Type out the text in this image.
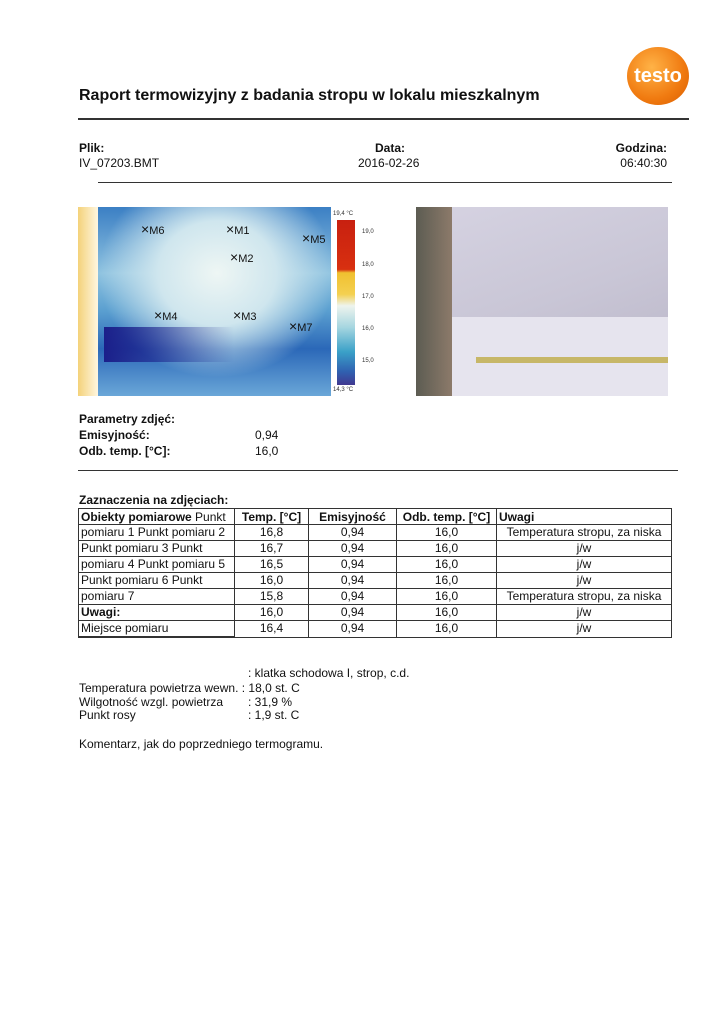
testo
Raport termowizyjny z badania stropu w lokalu mieszkalnym
Plik:
IV_07203.BMT
Data:
2016-02-26
Godzina:
06:40:30
×M1
×M2
×M3
×M4
×M5
×M6
×M7
19,4 °C
19,0
18,0
17,0
16,0
15,0
14,3 °C
Parametry zdjęć:
Emisyjność:	0,94
Odb. temp. [°C]:	16,0
Zaznaczenia na zdjęciach:
Obiekty pomiarowe Punkt	Temp. [°C]	Emisyjność	Odb. temp. [°C]	Uwagi
pomiaru 1 Punkt pomiaru 2	16,8	0,94	16,0	Temperatura stropu, za niska
Punkt pomiaru 3 Punkt	16,7	0,94	16,0	j/w
pomiaru 4 Punkt pomiaru 5	16,5	0,94	16,0	j/w
Punkt pomiaru 6 Punkt	16,0	0,94	16,0	j/w
pomiaru 7	15,8	0,94	16,0	Temperatura stropu, za niska
Uwagi:	16,0	0,94	16,0	j/w
Miejsce pomiaru	16,4	0,94	16,0	j/w
: klatka schodowa I, strop, c.d.
Temperatura powietrza wewn. : 18,0 st. C
Wilgotność wzgl. powietrza : 31,9 %
Punkt rosy	: 1,9 st. C
Komentarz, jak do poprzedniego termogramu.
